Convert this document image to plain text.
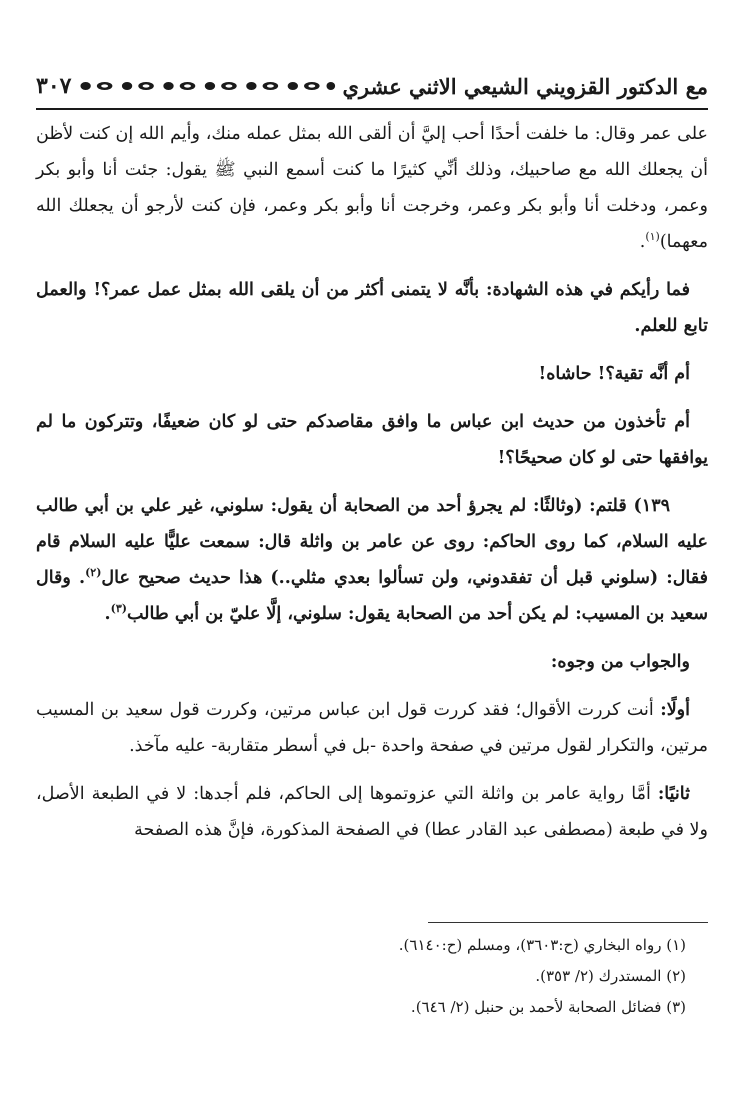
مع الدكتور القزويني الشيعي الاثني عشري
٣٠٧

على عمر وقال: ما خلفت أحدًا أحب إليَّ أن ألقى الله بمثل عمله منك، وأيم الله إن كنت لأظن أن يجعلك الله مع صاحبيك، وذلك أنِّي كثيرًا ما كنت أسمع النبي ﷺ يقول: جئت أنا وأبو بكر وعمر، ودخلت أنا وأبو بكر وعمر، وخرجت أنا وأبو بكر وعمر، فإن كنت لأرجو أن يجعلك الله معهما)$^{(١)}$.

فما رأيكم في هذه الشهادة: بأنَّه لا يتمنى أكثر من أن يلقى الله بمثل عمل عمر؟! والعمل تابع للعلم.

أم أنَّه تقية؟! حاشاه!

أم تأخذون من حديث ابن عباس ما وافق مقاصدكم حتى لو كان ضعيفًا، وتتركون ما لم يوافقها حتى لو كان صحيحًا؟!

١٣٩) قلتم: (وثالثًا: لم يجرؤ أحد من الصحابة أن يقول: سلوني، غير علي بن أبي طالب عليه السلام، كما روى الحاكم: روى عن عامر بن واثلة قال: سمعت عليًّا عليه السلام قام فقال: (سلوني قبل أن تفقدوني، ولن تسألوا بعدي مثلي..) هذا حديث صحيح عال$^{(٢)}$. وقال سعيد بن المسيب: لم يكن أحد من الصحابة يقول: سلوني، إلَّا عليّ بن أبي طالب$^{(٣)}$.

والجواب من وجوه:

أولًا: أنت كررت الأقوال؛ فقد كررت قول ابن عباس مرتين، وكررت قول سعيد بن المسيب مرتين، والتكرار لقول مرتين في صفحة واحدة -بل في أسطر متقاربة- عليه مآخذ.

ثانيًا: أمَّا رواية عامر بن واثلة التي عزوتموها إلى الحاكم، فلم أجدها: لا في الطبعة الأصل، ولا في طبعة (مصطفى عبد القادر عطا) في الصفحة المذكورة، فإنَّ هذه الصفحة

(١) رواه البخاري (ح:٣٦٠٣)، ومسلم (ح:٦١٤٠).

(٢) المستدرك (٢/ ٣٥٣).

(٣) فضائل الصحابة لأحمد بن حنبل (٢/ ٦٤٦).
